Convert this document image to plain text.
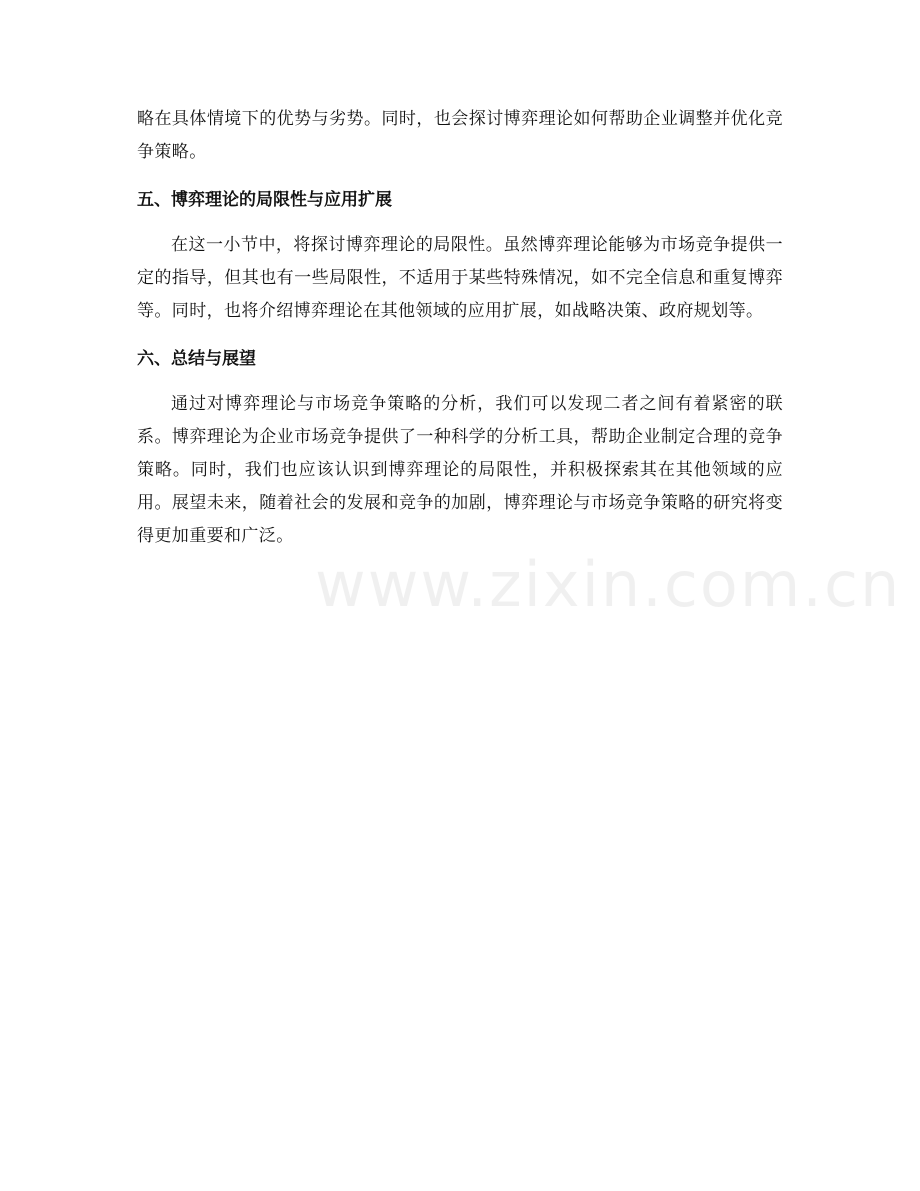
略在具体情境下的优势与劣势。同时，也会探讨博弈理论如何帮助企业调整并优化竞争策略。

五、博弈理论的局限性与应用扩展

在这一小节中，将探讨博弈理论的局限性。虽然博弈理论能够为市场竞争提供一定的指导，但其也有一些局限性，不适用于某些特殊情况，如不完全信息和重复博弈等。同时，也将介绍博弈理论在其他领域的应用扩展，如战略决策、政府规划等。

六、总结与展望

通过对博弈理论与市场竞争策略的分析，我们可以发现二者之间有着紧密的联系。博弈理论为企业市场竞争提供了一种科学的分析工具，帮助企业制定合理的竞争策略。同时，我们也应该认识到博弈理论的局限性，并积极探索其在其他领域的应用。展望未来，随着社会的发展和竞争的加剧，博弈理论与市场竞争策略的研究将变得更加重要和广泛。

www.zixin.com.cn
